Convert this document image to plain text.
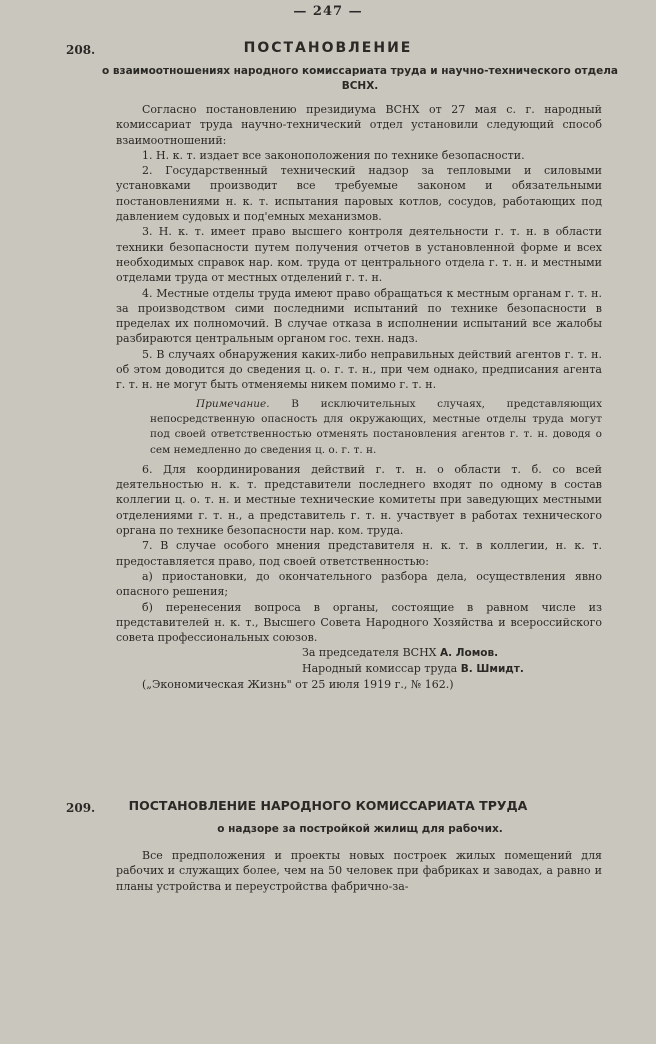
— 247 —
208.	ПОСТАНОВЛЕНИЕ
о взаимоотношениях народного комиссариата труда и научно-технического отдела ВСНХ.

Согласно постановлению президиума ВСНХ от 27 мая с. г. народный комиссариат труда научно-технический отдел установили следующий способ взаимоотношений:

1. Н. к. т. издает все законоположения по технике безопасности.

2. Государственный технический надзор за тепловыми и силовыми установками производит все требуемые законом и обязательными постановлениями н. к. т. испытания паровых котлов, сосудов, работающих под давлением судовых и под'емных механизмов.

3. Н. к. т. имеет право высшего контроля деятельности г. т. н. в области техники безопасности путем получения отчетов в установленной форме и всех необходимых справок нар. ком. труда от центрального отдела г. т. н. и местными отделами труда от местных отделений г. т. н.

4. Местные отделы труда имеют право обращаться к местным органам г. т. н. за производством сими последними испытаний по технике безопасности в пределах их полномочий. В случае отказа в исполнении испытаний все жалобы разбираются центральным органом гос. техн. надз.

5. В случаях обнаружения каких-либо неправильных действий агентов г. т. н. об этом доводится до сведения ц. о. г. т. н., при чем однако, предписания агента г. т. н. не могут быть отменяемы никем помимо г. т. н.

Примечание. В исключительных случаях, представляющих непосредственную опасность для окружающих, местные отделы труда могут под своей ответственностью отменять постановления агентов г. т. н. доводя о сем немедленно до сведения ц. о. г. т. н.

6. Для координирования действий г. т. н. о области т. б. со всей деятельностью н. к. т. представители последнего входят по одному в состав коллегии ц. о. т. н. и местные технические комитеты при заведующих местными отделениями г. т. н., а представитель г. т. н. участвует в работах технического органа по технике безопасности нар. ком. труда.

7. В случае особого мнения представителя н. к. т. в коллегии, н. к. т. предоставляется право, под своей ответственностью:

а) приостановки, до окончательного разбора дела, осуществления явно опасного решения;

б) перенесения вопроса в органы, состоящие в равном числе из представителей н. к. т., Высшего Совета Народного Хозяйства и всероссийского совета профессиональных союзов.

За председателя ВСНХ А. Ломов.

Народный комиссар труда В. Шмидт.

(„Экономическая Жизнь" от 25 июля 1919 г., № 162.)

209.	ПОСТАНОВЛЕНИЕ НАРОДНОГО КОМИССАРИАТА ТРУДА
о надзоре за постройкой жилищ для рабочих.

Все предположения и проекты новых построек жилых помещений для рабочих и служащих более, чем на 50 человек при фабриках и заводах, а равно и планы устройства и переустройства фабрично-за-
